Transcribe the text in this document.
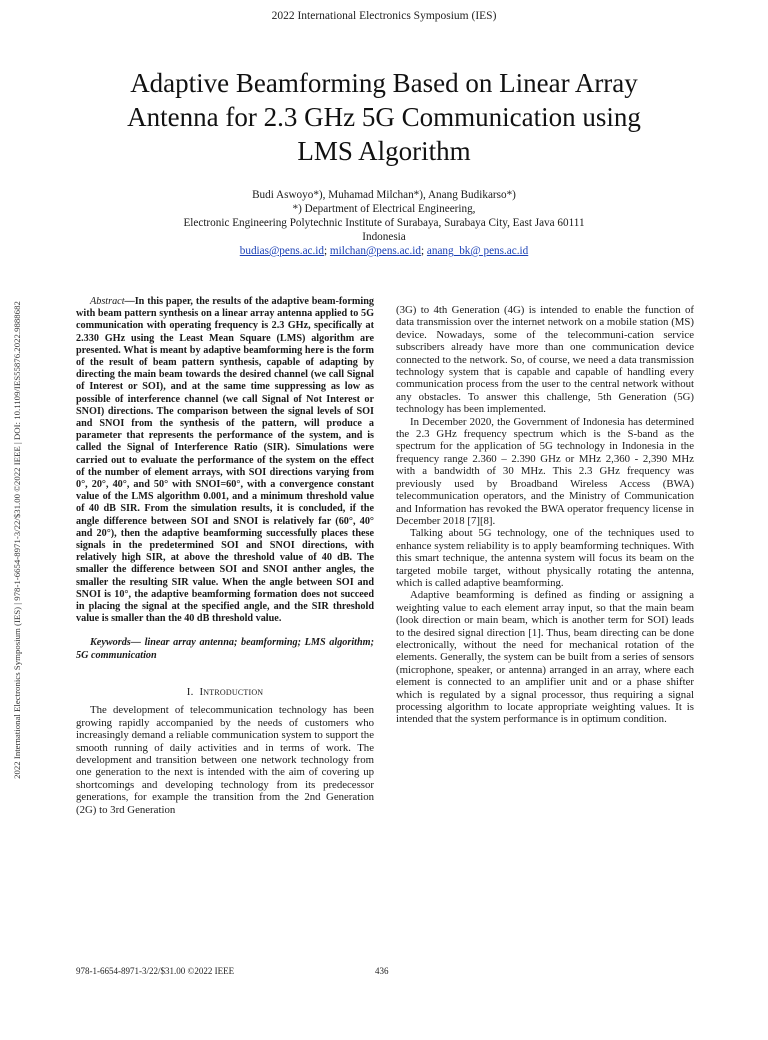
2022 International Electronics Symposium (IES)
Adaptive Beamforming Based on Linear Array
Antenna for 2.3 GHz 5G Communication using
LMS Algorithm
Budi Aswoyo*), Muhamad Milchan*), Anang Budikarso*)
*) Department of Electrical Engineering,
Electronic Engineering Polytechnic Institute of Surabaya, Surabaya City, East Java 60111
Indonesia
budias@pens.ac.id; milchan@pens.ac.id; anang_bk@ pens.ac.id
2022 International Electronics Symposium (IES) | 978-1-6654-8971-3/22/$31.00 ©2022 IEEE | DOI: 10.1109/IES55876.2022.9888682	Abstract—In this paper, the results of the adaptive beam-forming with beam pattern synthesis on a linear array antenna applied to 5G communication with operating frequency is 2.3 GHz, specifically at 2.330 GHz using the Least Mean Square (LMS) algorithm are presented. What is meant by adaptive beamforming here is the form of the result of beam pattern synthesis, capable of adapting by directing the main beam towards the desired channel (we call Signal of Interest or SOI), and at the same time suppressing as low as possible of interference channel (we call Signal of Not Interest or SNOI) directions. The comparison between the signal levels of SOI and SNOI from the synthesis of the pattern, will produce a parameter that represents the performance of the system, and is called the Signal of Interference Ratio (SIR). Simulations were carried out to evaluate the performance of the system on the effect of the number of element arrays, with SOI directions varying from 0°, 20°, 40°, and 50° with SNOI=60°, with a convergence constant value of the LMS algorithm 0.001, and a minimum threshold value of 40 dB SIR. From the simulation results, it is concluded, if the angle difference between SOI and SNOI is relatively far (60°, 40° and 20°), then the adaptive beamforming successfully places these signals in the predetermined SOI and SNOI directions, with relatively high SIR, at above the threshold value of 40 dB. The smaller the difference between SOI and SNOI anther angles, the smaller the resulting SIR value. When the angle between SOI and SNOI is 10°, the adaptive beamforming formation does not succeed in placing the signal at the specified angle, and the SIR threshold value is smaller than the 40 dB threshold value.

Keywords— linear array antenna; beamforming; LMS algorithm; 5G communication

I. Introduction

The development of telecommunication technology has been growing rapidly accompanied by the needs of customers who increasingly demand a reliable communication system to support the smooth running of daily activities and in terms of work. The development and transition between one network technology from one generation to the next is intended with the aim of covering up shortcomings and developing technology from its predecessor generations, for example the transition from the 2nd Generation (2G) to 3rd Generation

(3G) to 4th Generation (4G) is intended to enable the function of data transmission over the internet network on a mobile station (MS) device. Nowadays, some of the telecommuni-cation service subscribers already have more than one communication device connected to the network. So, of course, we need a data transmission technology system that is capable and capable of handling every communication process from the user to the central network without any obstacles. To answer this challenge, 5th Generation (5G) technology has been implemented.

In December 2020, the Government of Indonesia has determined the 2.3 GHz frequency spectrum which is the S-band as the spectrum for the application of 5G technology in Indonesia in the frequency range 2.360 – 2.390 GHz or MHz 2,360 - 2,390 MHz with a bandwidth of 30 MHz. This 2.3 GHz frequency was previously used by Broadband Wireless Access (BWA) telecommunication operators, and the Ministry of Communication and Information has revoked the BWA operator frequency license in December 2018 [7][8].

Talking about 5G technology, one of the techniques used to enhance system reliability is to apply beamforming techniques. With this smart technique, the antenna system will focus its beam on the targeted mobile target, without physically rotating the antenna, which is called adaptive beamforming.

Adaptive beamforming is defined as finding or assigning a weighting value to each element array input, so that the main beam (look direction or main beam, which is another term for SOI) leads to the desired signal direction [1]. Thus, beam directing can be done electronically, without the need for mechanical rotation of the elements. Generally, the system can be built from a series of sensors (microphone, speaker, or antenna) arranged in an array, where each element is connected to an amplifier unit and or a phase shifter which is regulated by a signal processor, thus requiring a signal processing algorithm to locate appropriate weighting values. It is intended that the system performance is in optimum condition.

978-1-6654-8971-3/22/$31.00 ©2022 IEEE	436
